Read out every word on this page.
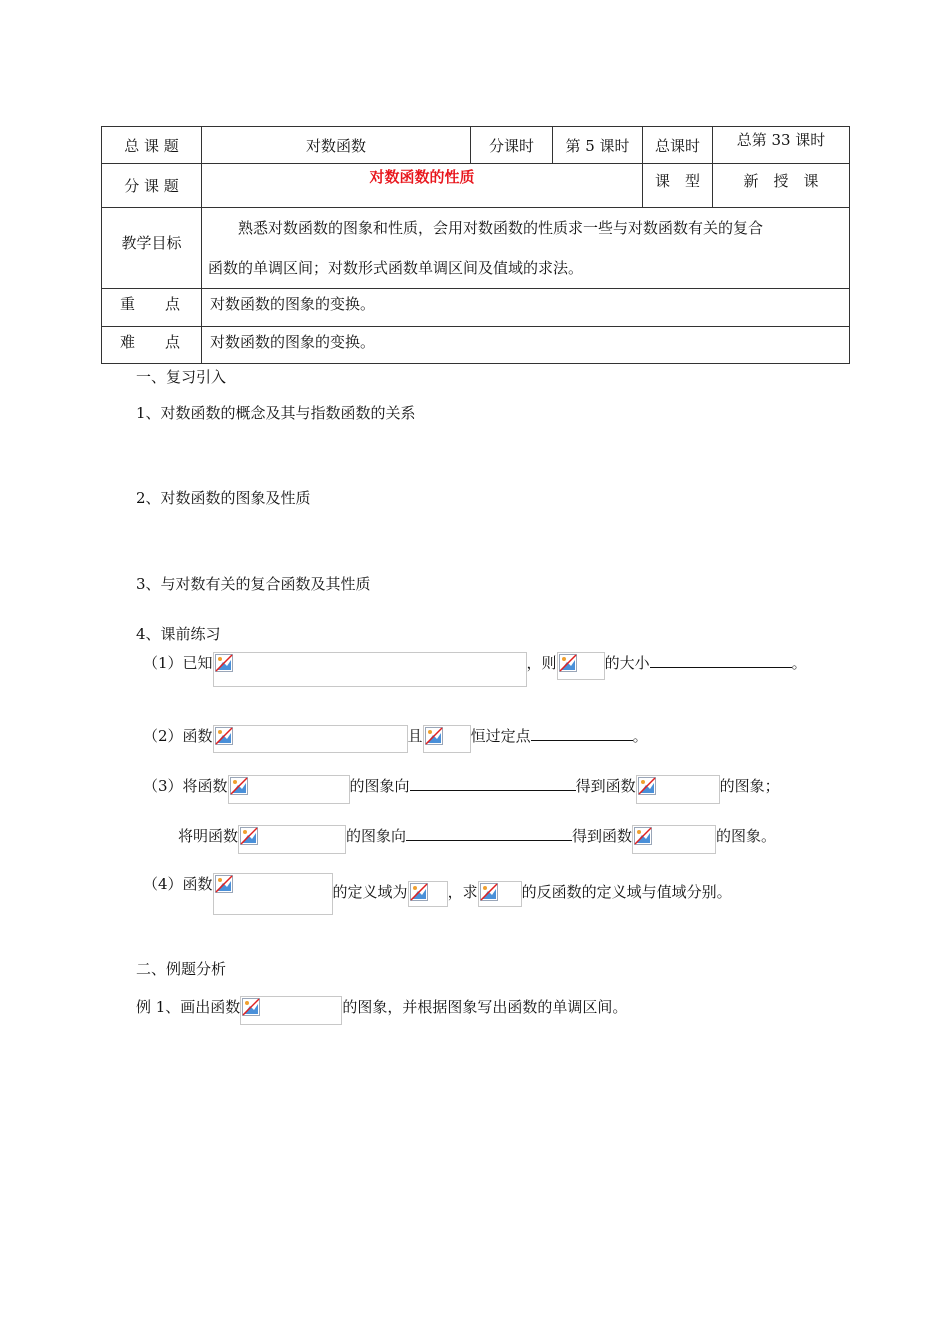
总 课 题	对数函数	分课时	第 5 课时	总课时	总第 33 课时
分 课 题	对数函数的性质			课　型	新　授　课
教学目标	熟悉对数函数的图象和性质，会用对数函数的性质求一些与对数函数有关的复合
函数的单调区间；对数形式函数单调区间及值域的求法。				

重　　点	对数函数的图象的变换。				
难　　点	对数函数的图象的变换。				
一、复习引入
1、对数函数的概念及其与指数函数的关系
2、对数函数的图象及性质
3、与对数有关的复合函数及其性质
4、课前练习
（1）已知	，则	的大小	。
（2）函数	且	恒过定点	。
（3）将函数	的图象向	得到函数	的图象；
将明函数	的图象向	得到函数	的图象。
（4）函数	的定义域为	，求	的反函数的定义域与值域分别。
二、例题分析
例 1、画出函数	的图象，并根据图象写出函数的单调区间。
